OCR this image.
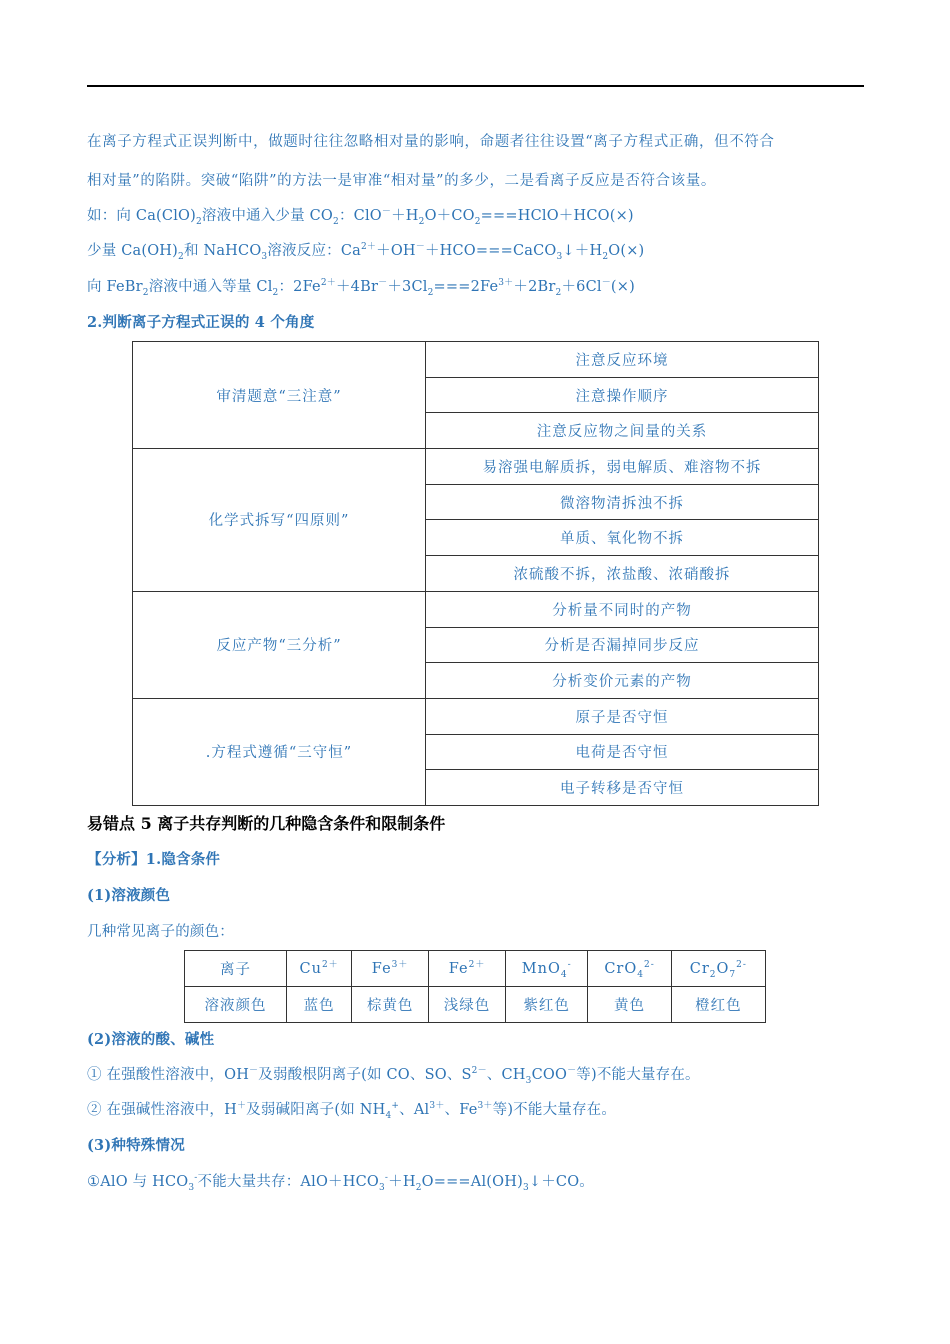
在离子方程式正误判断中，做题时往往忽略相对量的影响，命题者往往设置“离子方程式正确，但不符合
相对量”的陷阱。突破“陷阱”的方法一是审准“相对量”的多少，二是看离子反应是否符合该量。
如：向 $Ca(ClO)_2$溶液中通入少量 $CO_2$：$ClO^-+H_2O+CO_2===HClO+HCO(\times)$
少量 $Ca(OH)_2$和 NaHCO$_3$溶液反应：$Ca^{2+}+OH^-+HCO===CaCO_3↓+H_2O(\times)$
向 FeBr$_2$溶液中通入等量 $Cl_2$：$2Fe^{2+}+4Br^-+3Cl_2===2Fe^{3+}+2Br_2+6Cl^-(\times)$
2.判断离子方程式正误的 4 个角度
审清题意“三注意”	注意反应环境
	注意操作顺序
	注意反应物之间量的关系
化学式拆写“四原则”	易溶强电解质拆，弱电解质、难溶物不拆
	微溶物清拆浊不拆
	单质、氧化物不拆
	浓硫酸不拆，浓盐酸、浓硝酸拆
反应产物“三分析”	分析量不同时的产物
	分析是否漏掉同步反应
	分析变价元素的产物
.方程式遵循“三守恒”	原子是否守恒
	电荷是否守恒
	电子转移是否守恒
易错点 5 离子共存判断的几种隐含条件和限制条件
【分析】1.隐含条件
(1)溶液颜色
几种常见离子的颜色：
离子	$Cu^{2+}$	$Fe^{3+}$	$Fe^{2+}$	MnO$_4$-	CrO$_4^{2-}$	$Cr_2O_7^{2-}$
溶液颜色	蓝色	棕黄色	浅绿色	紫红色	黄色	橙红色
(2)溶液的酸、碱性
① 在强酸性溶液中，OH－及弱酸根阴离子(如 CO、SO、$S^{2-}$、$CH_3COO^-$等)不能大量存在。
② 在强碱性溶液中，H＋及弱碱阳离子(如 $NH_4^+$、$Al^{3+}$、$Fe^{3+}$等)不能大量存在。
(3)种特殊情况
①AlO 与 $HCO_3^-$不能大量共存：$AlO+HCO_3^-+H_2O===Al(OH)_3↓+CO$。
